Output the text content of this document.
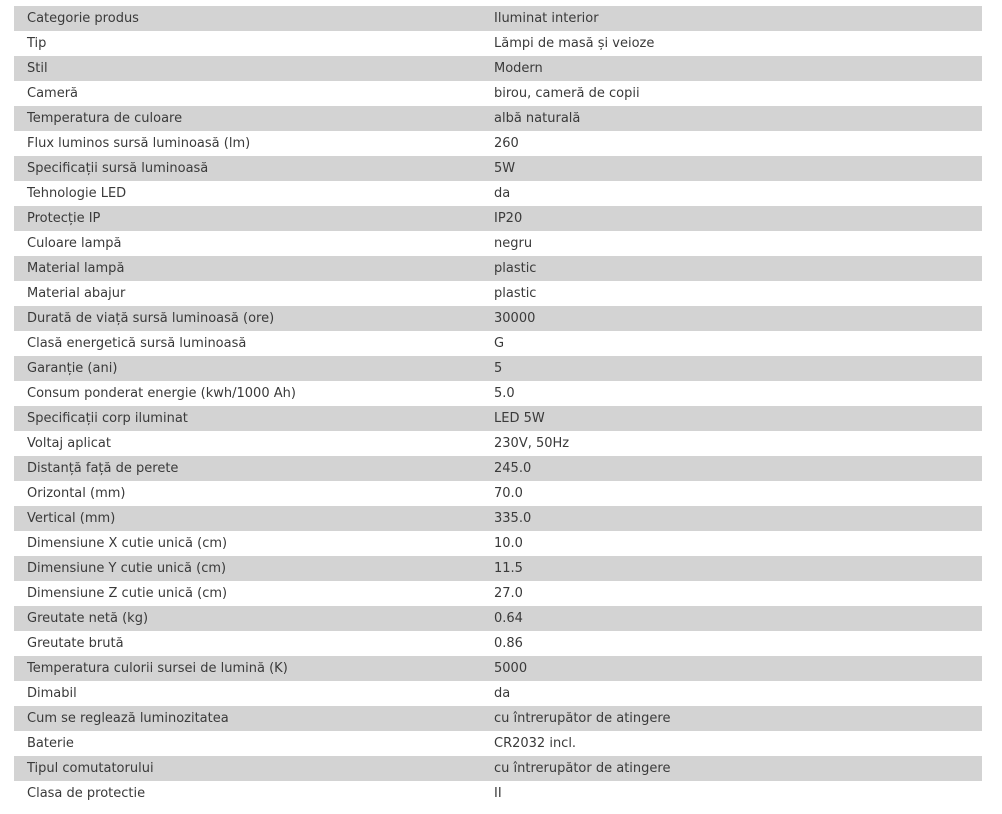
Categorie produs	Iluminat interior
Tip	Lămpi de masă și veioze
Stil	Modern
Cameră	birou, cameră de copii
Temperatura de culoare	albă naturală
Flux luminos sursă luminoasă (lm)	260
Specificații sursă luminoasă	5W
Tehnologie LED	da
Protecție IP	IP20
Culoare lampă	negru
Material lampă	plastic
Material abajur	plastic
Durată de viață sursă luminoasă (ore)	30000
Clasă energetică sursă luminoasă	G
Garanție (ani)	5
Consum ponderat energie (kwh/1000 Ah)	5.0
Specificații corp iluminat	LED 5W
Voltaj aplicat	230V, 50Hz
Distanță față de perete	245.0
Orizontal (mm)	70.0
Vertical (mm)	335.0
Dimensiune X cutie unică (cm)	10.0
Dimensiune Y cutie unică (cm)	11.5
Dimensiune Z cutie unică (cm)	27.0
Greutate netă (kg)	0.64
Greutate brută	0.86
Temperatura culorii sursei de lumină (K)	5000
Dimabil	da
Cum se reglează luminozitatea	cu întrerupător de atingere
Baterie	CR2032 incl.
Tipul comutatorului	cu întrerupător de atingere
Clasa de protectie	II
